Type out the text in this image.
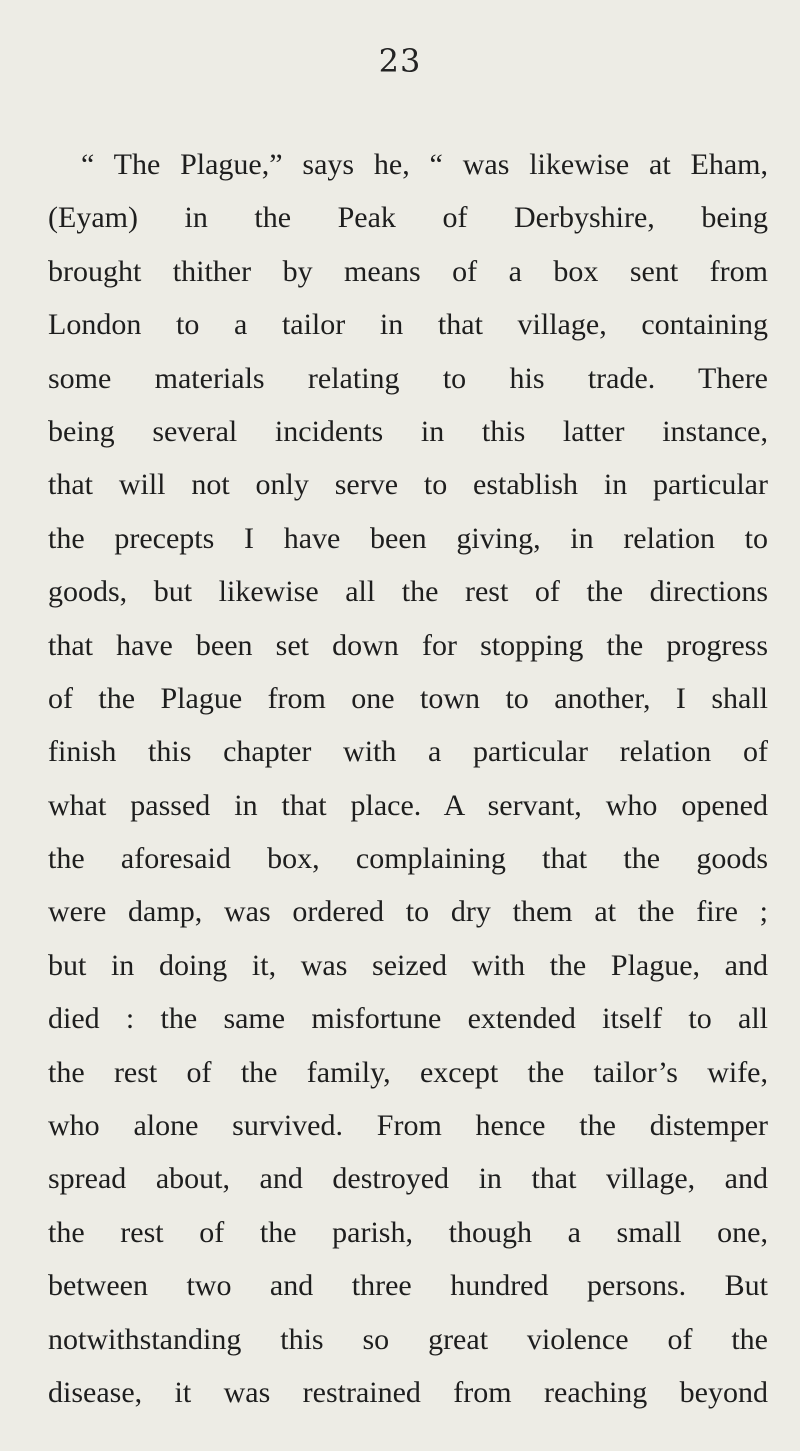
23
“ The Plague,” says he, “ was likewise at Eham,
(Eyam) in the Peak of Derbyshire, being
brought thither by means of a box sent from
London to a tailor in that village, containing
some materials relating to his trade. There
being several incidents in this latter instance,
that will not only serve to establish in particular
the precepts I have been giving, in relation to
goods, but likewise all the rest of the directions
that have been set down for stopping the progress
of the Plague from one town to another, I shall
finish this chapter with a particular relation of
what passed in that place. A servant, who opened
the aforesaid box, complaining that the goods
were damp, was ordered to dry them at the fire ;
but in doing it, was seized with the Plague, and
died : the same misfortune extended itself to all
the rest of the family, except the tailor’s wife,
who alone survived. From hence the distemper
spread about, and destroyed in that village, and
the rest of the parish, though a small one,
between two and three hundred persons. But
notwithstanding this so great violence of the
disease, it was restrained from reaching beyond
